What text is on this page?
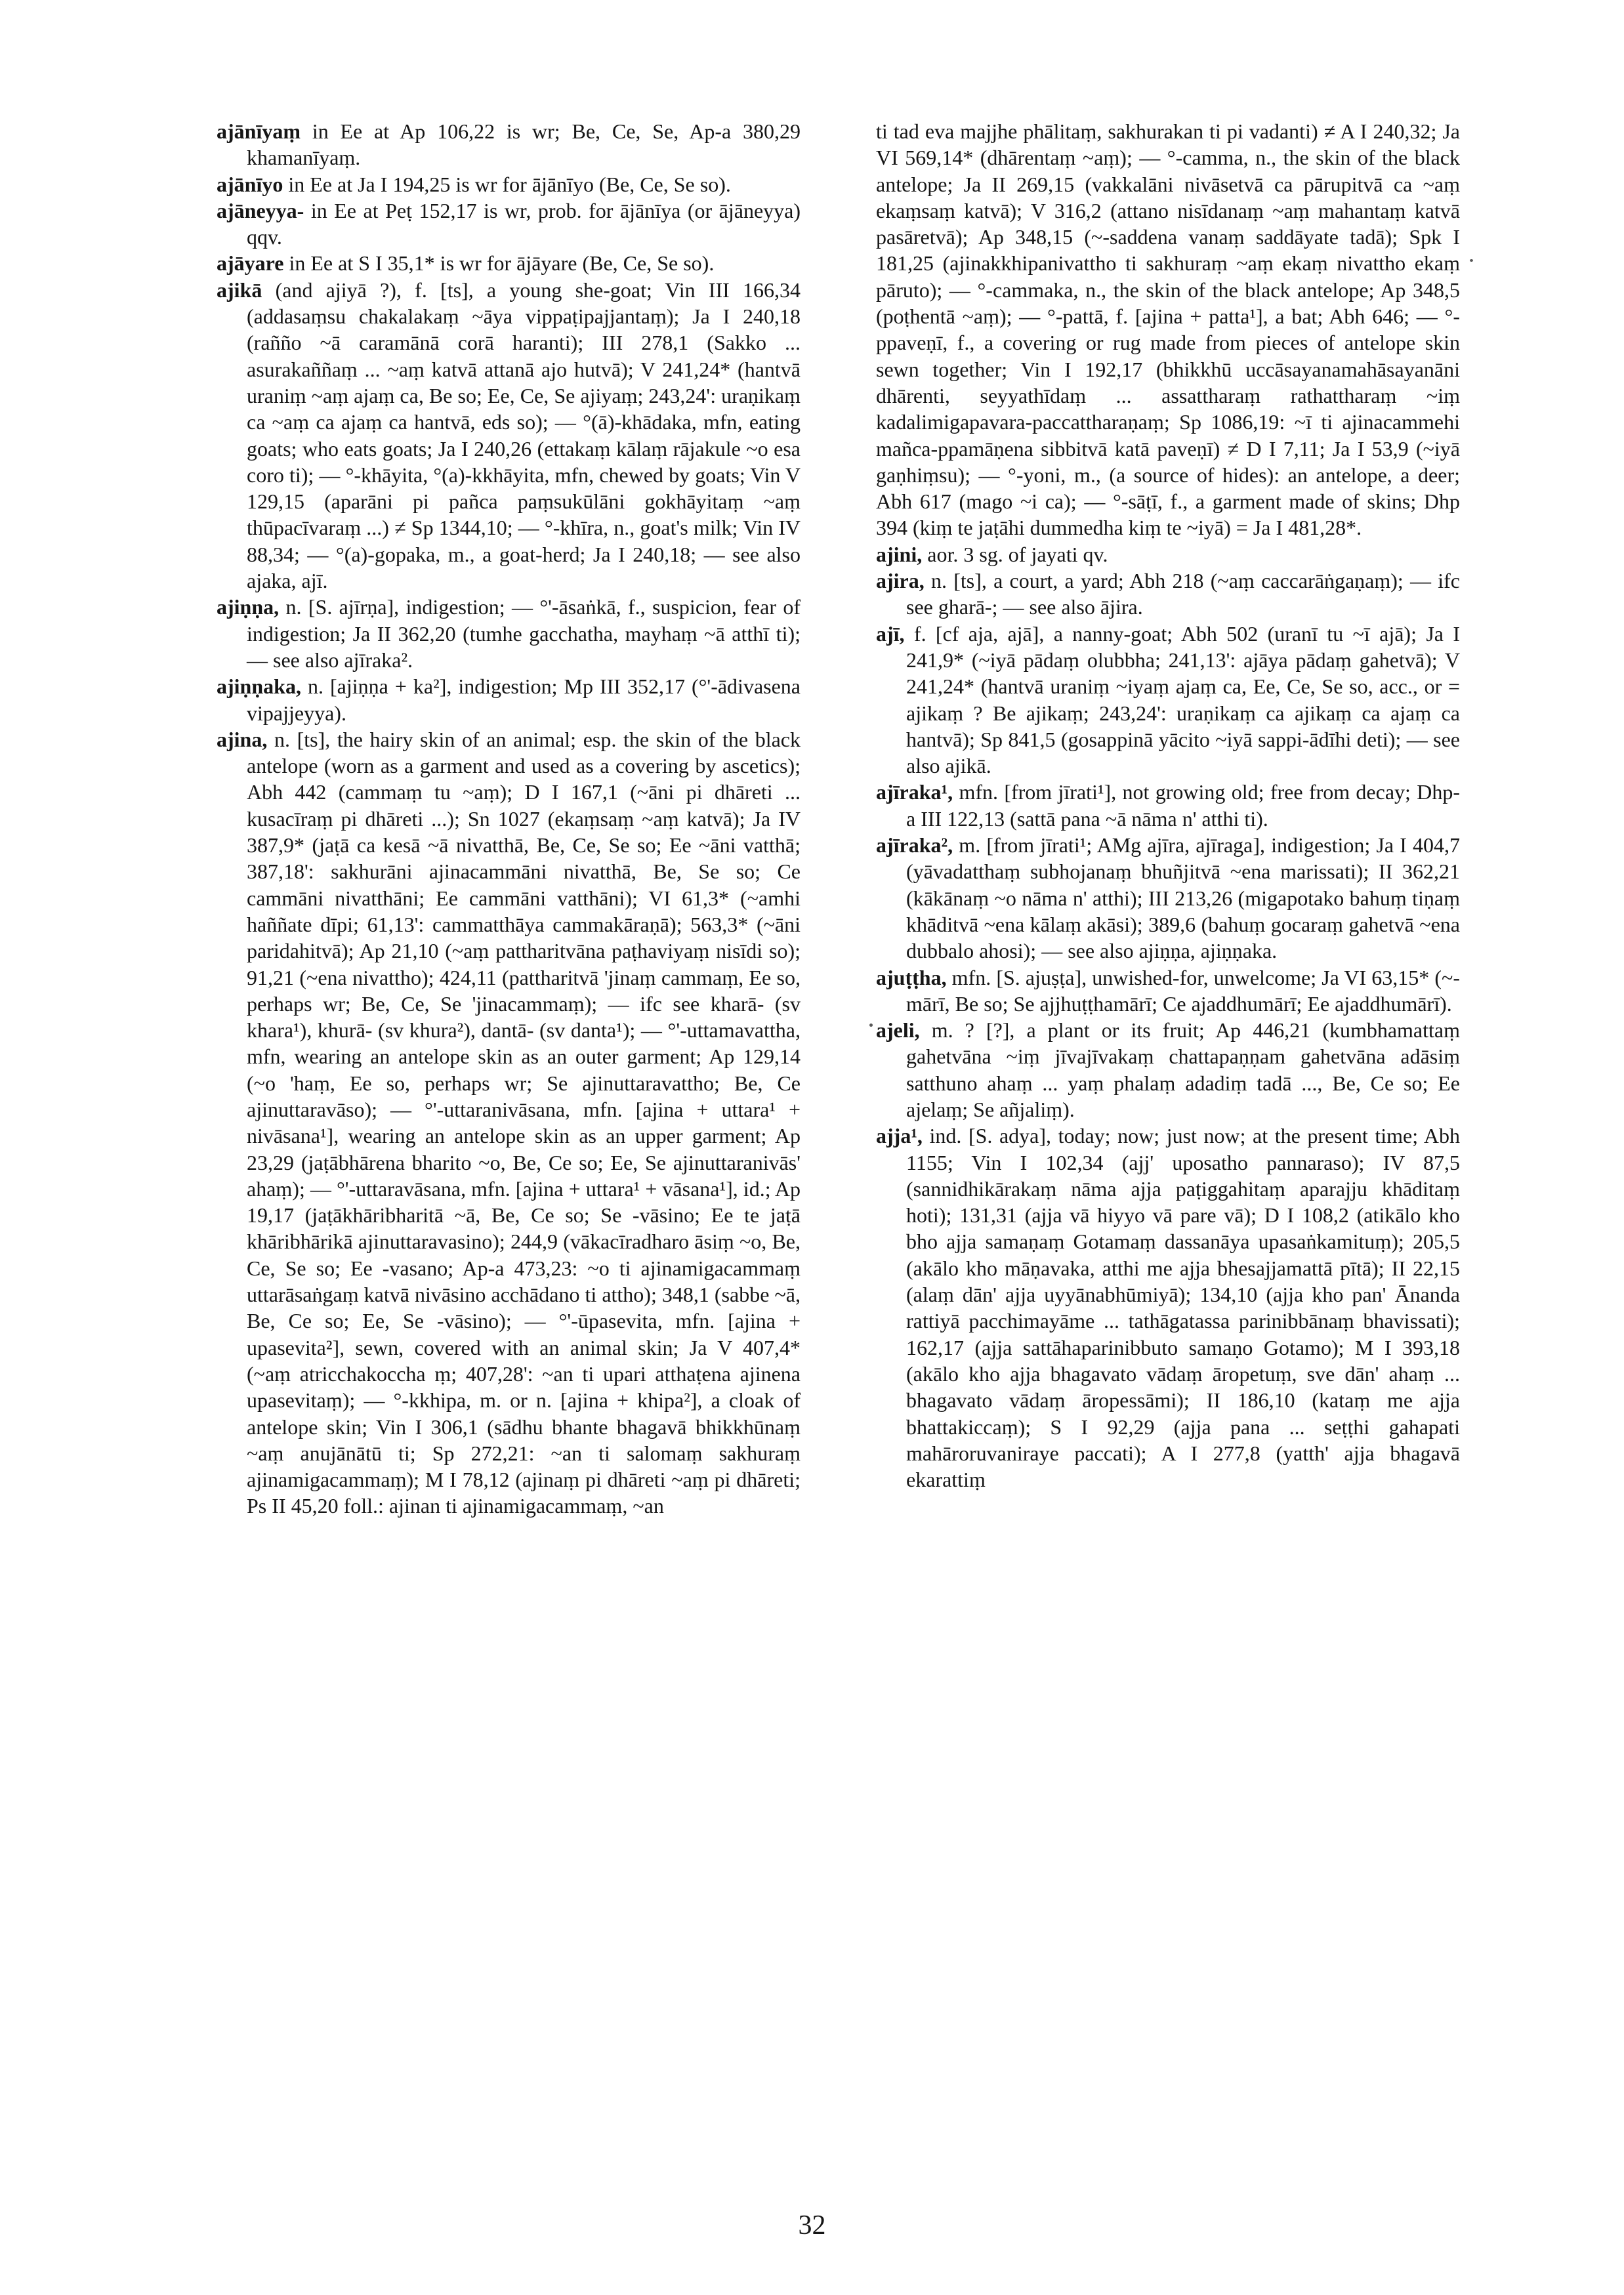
ajānīyaṃ in Ee at Ap 106,22 is wr; Be, Ce, Se, Ap-a 380,29 khamanīyaṃ.

ajānīyo in Ee at Ja I 194,25 is wr for ājānīyo (Be, Ce, Se so).

ajāneyya- in Ee at Peṭ 152,17 is wr, prob. for ājānīya (or ājāneyya) qqv.

ajāyare in Ee at S I 35,1* is wr for ājāyare (Be, Ce, Se so).

ajikā (and ajiyā ?), f. [ts], a young she-goat; Vin III 166,34 (addasaṃsu chakalakaṃ ~āya vippaṭipajjantaṃ); Ja I 240,18 (rañño ~ā caramānā corā haranti); III 278,1 (Sakko ... asurakaññaṃ ... ~aṃ katvā attanā ajo hutvā); V 241,24* (hantvā uraniṃ ~aṃ ajaṃ ca, Be so; Ee, Ce, Se ajiyaṃ; 243,24': uraṇikaṃ ca ~aṃ ca ajaṃ ca hantvā, eds so); — °(ā)-khādaka, mfn, eating goats; who eats goats; Ja I 240,26 (ettakaṃ kālaṃ rājakule ~o esa coro ti); — °-khāyita, °(a)-kkhāyita, mfn, chewed by goats; Vin V 129,15 (aparāni pi pañca paṃsukūlāni gokhāyitaṃ ~aṃ thūpacīvaraṃ ...) ≠ Sp 1344,10; — °-khīra, n., goat's milk; Vin IV 88,34; — °(a)-gopaka, m., a goat-herd; Ja I 240,18; — see also ajaka, ajī.

ajiṇṇa, n. [S. ajīrṇa], indigestion; — °'-āsaṅkā, f., suspicion, fear of indigestion; Ja II 362,20 (tumhe gacchatha, mayhaṃ ~ā atthī ti); — see also ajīraka².

ajiṇṇaka, n. [ajiṇṇa + ka²], indigestion; Mp III 352,17 (°'-ādivasena vipajjeyya).

ajina, n. [ts], the hairy skin of an animal; esp. the skin of the black antelope (worn as a garment and used as a covering by ascetics); Abh 442 (cammaṃ tu ~aṃ); D I 167,1 (~āni pi dhāreti ... kusacīraṃ pi dhāreti ...); Sn 1027 (ekaṃsaṃ ~aṃ katvā); Ja IV 387,9* (jaṭā ca kesā ~ā nivatthā, Be, Ce, Se so; Ee ~āni vatthā; 387,18': sakhurāni ajinacammāni nivatthā, Be, Se so; Ce cammāni nivatthāni; Ee cammāni vatthāni); VI 61,3* (~amhi haññate dīpi; 61,13': cammatthāya cammakāraṇā); 563,3* (~āni paridahitvā); Ap 21,10 (~aṃ pattharitvāna paṭhaviyaṃ nisīdi so); 91,21 (~ena nivattho); 424,11 (pattharitvā 'jinaṃ cammaṃ, Ee so, perhaps wr; Be, Ce, Se 'jinacammaṃ); — ifc see kharā- (sv khara¹), khurā- (sv khura²), dantā- (sv danta¹); — °'-uttamavattha, mfn, wearing an antelope skin as an outer garment; Ap 129,14 (~o 'haṃ, Ee so, perhaps wr; Se ajinuttaravattho; Be, Ce ajinuttaravāso); — °'-uttaranivāsana, mfn. [ajina + uttara¹ + nivāsana¹], wearing an antelope skin as an upper garment; Ap 23,29 (jaṭābhārena bharito ~o, Be, Ce so; Ee, Se ajinuttaranivās' ahaṃ); — °'-uttaravāsana, mfn. [ajina + uttara¹ + vāsana¹], id.; Ap 19,17 (jaṭākhāribharitā ~ā, Be, Ce so; Se -vāsino; Ee te jaṭā khāribhārikā ajinuttaravasino); 244,9 (vākacīradharo āsiṃ ~o, Be, Ce, Se so; Ee -vasano; Ap-a 473,23: ~o ti ajinamigacammaṃ uttarāsaṅgaṃ katvā nivāsino acchādano ti attho); 348,1 (sabbe ~ā, Be, Ce so; Ee, Se -vāsino); — °'-ūpasevita, mfn. [ajina + upasevita²], sewn, covered with an animal skin; Ja V 407,4* (~aṃ atricchakoccha ṃ; 407,28': ~an ti upari atthaṭena ajinena upasevitaṃ); — °-kkhipa, m. or n. [ajina + khipa²], a cloak of antelope skin; Vin I 306,1 (sādhu bhante bhagavā bhikkhūnaṃ ~aṃ anujānātū ti; Sp 272,21: ~an ti salomaṃ sakhuraṃ ajinamigacammaṃ); M I 78,12 (ajinaṃ pi dhāreti ~aṃ pi dhāreti; Ps II 45,20 foll.: ajinan ti ajinamigacammaṃ, ~an

ti tad eva majjhe phālitaṃ, sakhurakan ti pi vadanti) ≠ A I 240,32; Ja VI 569,14* (dhārentaṃ ~aṃ); — °-camma, n., the skin of the black antelope; Ja II 269,15 (vakkalāni nivāsetvā ca pārupitvā ca ~aṃ ekaṃsaṃ katvā); V 316,2 (attano nisīdanaṃ ~aṃ mahantaṃ katvā pasāretvā); Ap 348,15 (~-saddena vanaṃ saddāyate tadā); Spk I 181,25 (ajinakkhipanivattho ti sakhuraṃ ~aṃ ekaṃ nivattho ekaṃ pāruto); — °-cammaka, n., the skin of the black antelope; Ap 348,5 (poṭhentā ~aṃ); — °-pattā, f. [ajina + patta¹], a bat; Abh 646; — °-ppaveṇī, f., a covering or rug made from pieces of antelope skin sewn together; Vin I 192,17 (bhikkhū uccāsayanamahāsayanāni dhārenti, seyyathīdaṃ ... assattharaṃ rathattharaṃ ~iṃ kadalimigapavara-paccattharaṇaṃ; Sp 1086,19: ~ī ti ajinacammehi mañca-ppamāṇena sibbitvā katā paveṇī) ≠ D I 7,11; Ja I 53,9 (~iyā gaṇhiṃsu); — °-yoni, m., (a source of hides): an antelope, a deer; Abh 617 (mago ~i ca); — °-sāṭī, f., a garment made of skins; Dhp 394 (kiṃ te jaṭāhi dummedha kiṃ te ~iyā) = Ja I 481,28*.

ajini, aor. 3 sg. of jayati qv.

ajira, n. [ts], a court, a yard; Abh 218 (~aṃ caccarāṅgaṇaṃ); — ifc see gharā-; — see also ājira.

ajī, f. [cf aja, ajā], a nanny-goat; Abh 502 (uranī tu ~ī ajā); Ja I 241,9* (~iyā pādaṃ olubbha; 241,13': ajāya pādaṃ gahetvā); V 241,24* (hantvā uraniṃ ~iyaṃ ajaṃ ca, Ee, Ce, Se so, acc., or = ajikaṃ ? Be ajikaṃ; 243,24': uraṇikaṃ ca ajikaṃ ca ajaṃ ca hantvā); Sp 841,5 (gosappinā yācito ~iyā sappi-ādīhi deti); — see also ajikā.

ajīraka¹, mfn. [from jīrati¹], not growing old; free from decay; Dhp-a III 122,13 (sattā pana ~ā nāma n' atthi ti).

ajīraka², m. [from jīrati¹; AMg ajīra, ajīraga], indigestion; Ja I 404,7 (yāvadatthaṃ subhojanaṃ bhuñjitvā ~ena marissati); II 362,21 (kākānaṃ ~o nāma n' atthi); III 213,26 (migapotako bahuṃ tiṇaṃ khāditvā ~ena kālaṃ akāsi); 389,6 (bahuṃ gocaraṃ gahetvā ~ena dubbalo ahosi); — see also ajiṇṇa, ajiṇṇaka.

ajuṭṭha, mfn. [S. ajuṣṭa], unwished-for, unwelcome; Ja VI 63,15* (~-mārī, Be so; Se ajjhuṭṭhamārī; Ce ajaddhumārī; Ee ajaddhumārī).

ajeli, m. ? [?], a plant or its fruit; Ap 446,21 (kumbhamattaṃ gahetvāna ~iṃ jīvajīvakaṃ chattapaṇṇam gahetvāna adāsiṃ satthuno ahaṃ ... yaṃ phalaṃ adadiṃ tadā ..., Be, Ce so; Ee ajelaṃ; Se añjaliṃ).

ajja¹, ind. [S. adya], today; now; just now; at the present time; Abh 1155; Vin I 102,34 (ajj' uposatho pannaraso); IV 87,5 (sannidhikārakaṃ nāma ajja paṭiggahitaṃ aparajju khāditaṃ hoti); 131,31 (ajja vā hiyyo vā pare vā); D I 108,2 (atikālo kho bho ajja samaṇaṃ Gotamaṃ dassanāya upasaṅkamituṃ); 205,5 (akālo kho māṇavaka, atthi me ajja bhesajjamattā pītā); II 22,15 (alaṃ dān' ajja uyyānabhūmiyā); 134,10 (ajja kho pan' Ānanda rattiyā pacchimayāme ... tathāgatassa parinibbānaṃ bhavissati); 162,17 (ajja sattāhaparinibbuto samaṇo Gotamo); M I 393,18 (akālo kho ajja bhagavato vādaṃ āropetuṃ, sve dān' ahaṃ ... bhagavato vādaṃ āropessāmi); II 186,10 (kataṃ me ajja bhattakiccaṃ); S I 92,29 (ajja pana ... seṭṭhi gahapati mahāroruvaniraye paccati); A I 277,8 (yatth' ajja bhagavā ekarattiṃ

32
